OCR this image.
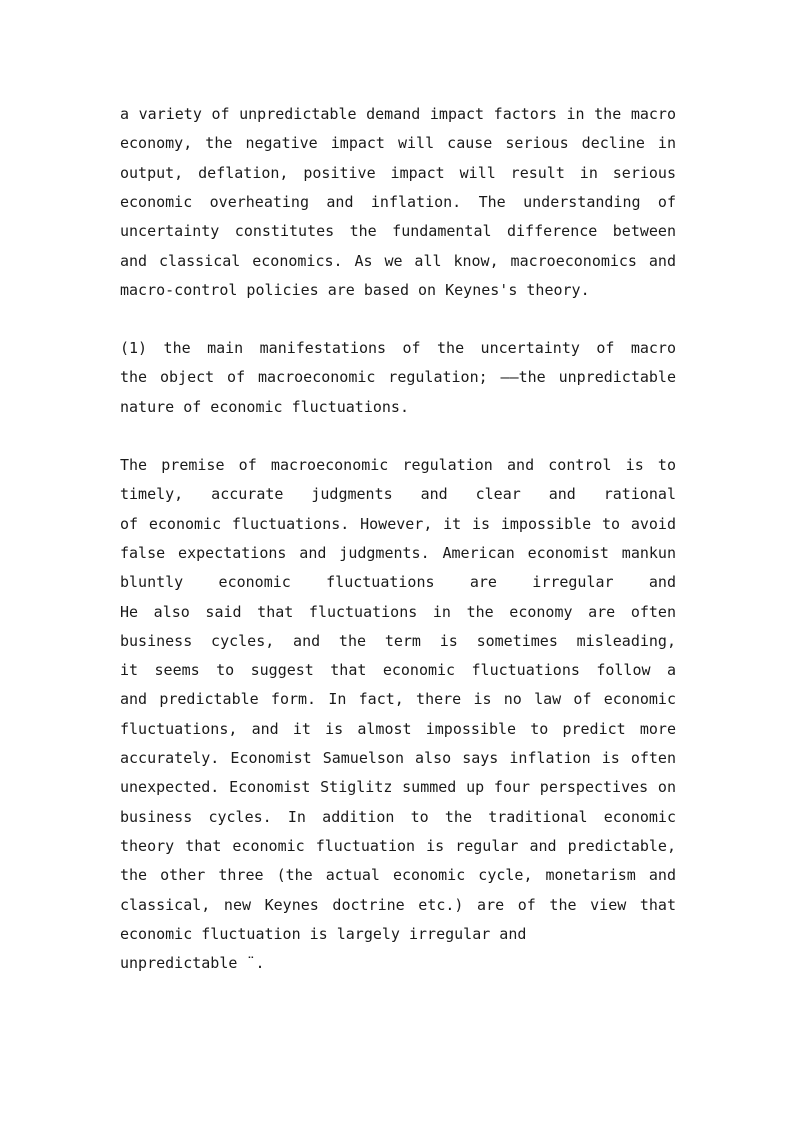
a variety of unpredictable demand impact factors in the macro
economy, the negative impact will cause serious decline in
output, deflation, positive impact will result in serious
economic overheating and inflation. The understanding of
uncertainty constitutes the fundamental difference between
and classical economics. As we all know, macroeconomics and
macro-control policies are based on Keynes's theory.
(1) the main manifestations of the uncertainty of macro
the object of macroeconomic regulation; ——the unpredictable
nature of economic fluctuations.
The premise of macroeconomic regulation and control is to
timely, accurate judgments and clear and rational
of economic fluctuations. However, it is impossible to avoid
false expectations and judgments. American economist mankun
bluntly economic fluctuations are irregular and
He also said that fluctuations in the economy are often
business cycles, and the term is sometimes misleading,
it seems to suggest that economic fluctuations follow a
and predictable form. In fact, there is no law of economic
fluctuations, and it is almost impossible to predict more
accurately. Economist Samuelson also says inflation is often
unexpected. Economist Stiglitz summed up four perspectives on
business cycles. In addition to the traditional economic
theory that economic fluctuation is regular and predictable,
the other three (the actual economic cycle, monetarism and
classical, new Keynes doctrine etc.) are of the view that
economic fluctuation is largely irregular and
unpredictable ¨.
